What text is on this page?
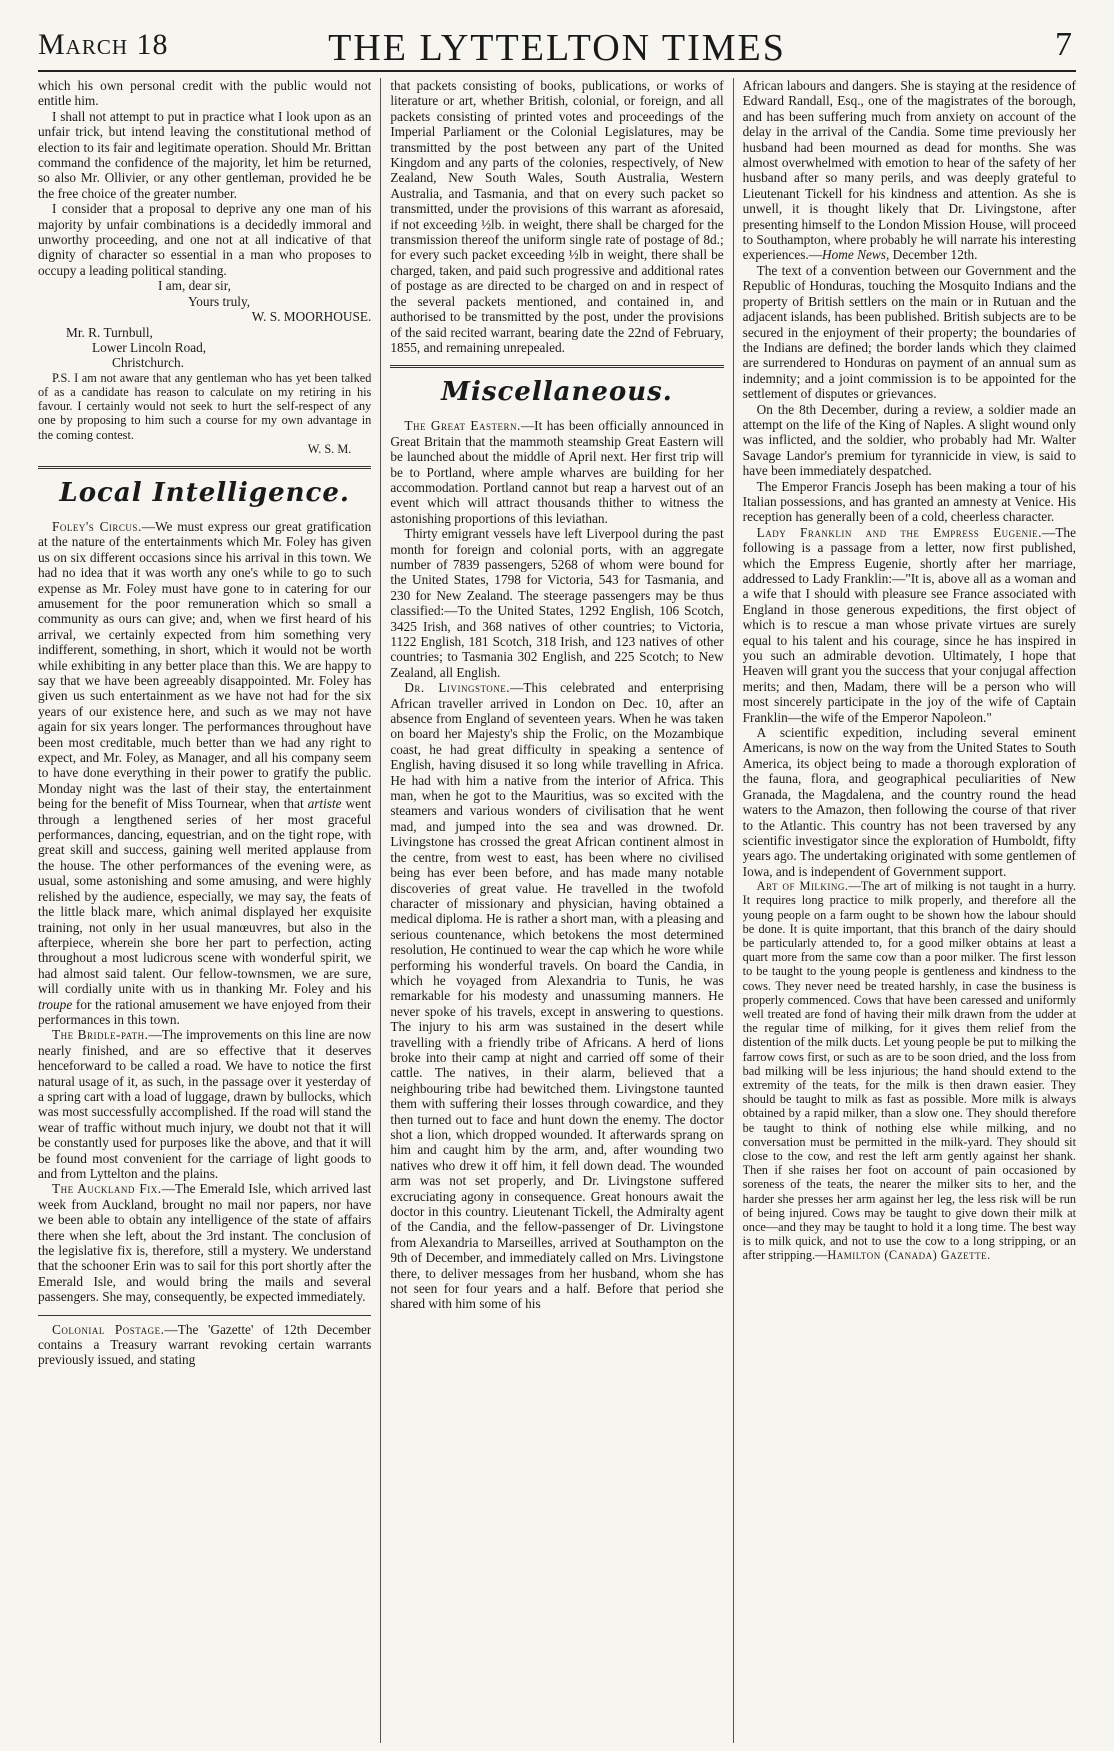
March 18	THE LYTTELTON TIMES	7

which his own personal credit with the public would not entitle him.

I shall not attempt to put in practice what I look upon as an unfair trick, but intend leaving the constitutional method of election to its fair and legitimate operation. Should Mr. Brittan command the confidence of the majority, let him be returned, so also Mr. Ollivier, or any other gentleman, provided he be the free choice of the greater number.

I consider that a proposal to deprive any one man of his majority by unfair combinations is a decidedly immoral and unworthy proceeding, and one not at all indicative of that dignity of character so essential in a man who proposes to occupy a leading political standing.

I am, dear sir,

Yours truly,

W. S. MOORHOUSE.

Mr. R. Turnbull,

Lower Lincoln Road,

Christchurch.

P.S. I am not aware that any gentleman who has yet been talked of as a candidate has reason to calculate on my retiring in his favour. I certainly would not seek to hurt the self-respect of any one by proposing to him such a course for my own advantage in the coming contest.

W. S. M.

Local Intelligence.

Foley's Circus.—We must express our great gratification at the nature of the entertainments which Mr. Foley has given us on six different occasions since his arrival in this town. We had no idea that it was worth any one's while to go to such expense as Mr. Foley must have gone to in catering for our amusement for the poor remuneration which so small a community as ours can give; and, when we first heard of his arrival, we certainly expected from him something very indifferent, something, in short, which it would not be worth while exhibiting in any better place than this. We are happy to say that we have been agreeably disappointed. Mr. Foley has given us such entertainment as we have not had for the six years of our existence here, and such as we may not have again for six years longer. The performances throughout have been most creditable, much better than we had any right to expect, and Mr. Foley, as Manager, and all his company seem to have done everything in their power to gratify the public. Monday night was the last of their stay, the entertainment being for the benefit of Miss Tournear, when that artiste went through a lengthened series of her most graceful performances, dancing, equestrian, and on the tight rope, with great skill and success, gaining well merited applause from the house. The other performances of the evening were, as usual, some astonishing and some amusing, and were highly relished by the audience, especially, we may say, the feats of the little black mare, which animal displayed her exquisite training, not only in her usual manœuvres, but also in the afterpiece, wherein she bore her part to perfection, acting throughout a most ludicrous scene with wonderful spirit, we had almost said talent. Our fellow-townsmen, we are sure, will cordially unite with us in thanking Mr. Foley and his troupe for the rational amusement we have enjoyed from their performances in this town.

The Bridle-path.—The improvements on this line are now nearly finished, and are so effective that it deserves henceforward to be called a road. We have to notice the first natural usage of it, as such, in the passage over it yesterday of a spring cart with a load of luggage, drawn by bullocks, which was most successfully accomplished. If the road will stand the wear of traffic without much injury, we doubt not that it will be constantly used for purposes like the above, and that it will be found most convenient for the carriage of light goods to and from Lyttelton and the plains.

The Auckland Fix.—The Emerald Isle, which arrived last week from Auckland, brought no mail nor papers, nor have we been able to obtain any intelligence of the state of affairs there when she left, about the 3rd instant. The conclusion of the legislative fix is, therefore, still a mystery. We understand that the schooner Erin was to sail for this port shortly after the Emerald Isle, and would bring the mails and several passengers. She may, consequently, be expected immediately.

Colonial Postage.—The 'Gazette' of 12th December contains a Treasury warrant revoking certain warrants previously issued, and stating

that packets consisting of books, publications, or works of literature or art, whether British, colonial, or foreign, and all packets consisting of printed votes and proceedings of the Imperial Parliament or the Colonial Legislatures, may be transmitted by the post between any part of the United Kingdom and any parts of the colonies, respectively, of New Zealand, New South Wales, South Australia, Western Australia, and Tasmania, and that on every such packet so transmitted, under the provisions of this warrant as aforesaid, if not exceeding ½lb. in weight, there shall be charged for the transmission thereof the uniform single rate of postage of 8d.; for every such packet exceeding ½lb in weight, there shall be charged, taken, and paid such progressive and additional rates of postage as are directed to be charged on and in respect of the several packets mentioned, and contained in, and authorised to be transmitted by the post, under the provisions of the said recited warrant, bearing date the 22nd of February, 1855, and remaining unrepealed.

Miscellaneous.

The Great Eastern.—It has been officially announced in Great Britain that the mammoth steamship Great Eastern will be launched about the middle of April next. Her first trip will be to Portland, where ample wharves are building for her accommodation. Portland cannot but reap a harvest out of an event which will attract thousands thither to witness the astonishing proportions of this leviathan.

Thirty emigrant vessels have left Liverpool during the past month for foreign and colonial ports, with an aggregate number of 7839 passengers, 5268 of whom were bound for the United States, 1798 for Victoria, 543 for Tasmania, and 230 for New Zealand. The steerage passengers may be thus classified:—To the United States, 1292 English, 106 Scotch, 3425 Irish, and 368 natives of other countries; to Victoria, 1122 English, 181 Scotch, 318 Irish, and 123 natives of other countries; to Tasmania 302 English, and 225 Scotch; to New Zealand, all English.

Dr. Livingstone.—This celebrated and enterprising African traveller arrived in London on Dec. 10, after an absence from England of seventeen years. When he was taken on board her Majesty's ship the Frolic, on the Mozambique coast, he had great difficulty in speaking a sentence of English, having disused it so long while travelling in Africa. He had with him a native from the interior of Africa. This man, when he got to the Mauritius, was so excited with the steamers and various wonders of civilisation that he went mad, and jumped into the sea and was drowned. Dr. Livingstone has crossed the great African continent almost in the centre, from west to east, has been where no civilised being has ever been before, and has made many notable discoveries of great value. He travelled in the twofold character of missionary and physician, having obtained a medical diploma. He is rather a short man, with a pleasing and serious countenance, which betokens the most determined resolution, He continued to wear the cap which he wore while performing his wonderful travels. On board the Candia, in which he voyaged from Alexandria to Tunis, he was remarkable for his modesty and unassuming manners. He never spoke of his travels, except in answering to questions. The injury to his arm was sustained in the desert while travelling with a friendly tribe of Africans. A herd of lions broke into their camp at night and carried off some of their cattle. The natives, in their alarm, believed that a neighbouring tribe had bewitched them. Livingstone taunted them with suffering their losses through cowardice, and they then turned out to face and hunt down the enemy. The doctor shot a lion, which dropped wounded. It afterwards sprang on him and caught him by the arm, and, after wounding two natives who drew it off him, it fell down dead. The wounded arm was not set properly, and Dr. Livingstone suffered excruciating agony in consequence. Great honours await the doctor in this country. Lieutenant Tickell, the Admiralty agent of the Candia, and the fellow-passenger of Dr. Livingstone from Alexandria to Marseilles, arrived at Southampton on the 9th of December, and immediately called on Mrs. Livingstone there, to deliver messages from her husband, whom she has not seen for four years and a half. Before that period she shared with him some of his

African labours and dangers. She is staying at the residence of Edward Randall, Esq., one of the magistrates of the borough, and has been suffering much from anxiety on account of the delay in the arrival of the Candia. Some time previously her husband had been mourned as dead for months. She was almost overwhelmed with emotion to hear of the safety of her husband after so many perils, and was deeply grateful to Lieutenant Tickell for his kindness and attention. As she is unwell, it is thought likely that Dr. Livingstone, after presenting himself to the London Mission House, will proceed to Southampton, where probably he will narrate his interesting experiences.—Home News, December 12th.

The text of a convention between our Government and the Republic of Honduras, touching the Mosquito Indians and the property of British settlers on the main or in Rutuan and the adjacent islands, has been published. British subjects are to be secured in the enjoyment of their property; the boundaries of the Indians are defined; the border lands which they claimed are surrendered to Honduras on payment of an annual sum as indemnity; and a joint commission is to be appointed for the settlement of disputes or grievances.

On the 8th December, during a review, a soldier made an attempt on the life of the King of Naples. A slight wound only was inflicted, and the soldier, who probably had Mr. Walter Savage Landor's premium for tyrannicide in view, is said to have been immediately despatched.

The Emperor Francis Joseph has been making a tour of his Italian possessions, and has granted an amnesty at Venice. His reception has generally been of a cold, cheerless character.

Lady Franklin and the Empress Eugenie.—The following is a passage from a letter, now first published, which the Empress Eugenie, shortly after her marriage, addressed to Lady Franklin:—"It is, above all as a woman and a wife that I should with pleasure see France associated with England in those generous expeditions, the first object of which is to rescue a man whose private virtues are surely equal to his talent and his courage, since he has inspired in you such an admirable devotion. Ultimately, I hope that Heaven will grant you the success that your conjugal affection merits; and then, Madam, there will be a person who will most sincerely participate in the joy of the wife of Captain Franklin—the wife of the Emperor Napoleon."

A scientific expedition, including several eminent Americans, is now on the way from the United States to South America, its object being to made a thorough exploration of the fauna, flora, and geographical peculiarities of New Granada, the Magdalena, and the country round the head waters to the Amazon, then following the course of that river to the Atlantic. This country has not been traversed by any scientific investigator since the exploration of Humboldt, fifty years ago. The undertaking originated with some gentlemen of Iowa, and is independent of Government support.

Art of Milking.—The art of milking is not taught in a hurry. It requires long practice to milk properly, and therefore all the young people on a farm ought to be shown how the labour should be done. It is quite important, that this branch of the dairy should be particularly attended to, for a good milker obtains at least a quart more from the same cow than a poor milker. The first lesson to be taught to the young people is gentleness and kindness to the cows. They never need be treated harshly, in case the business is properly commenced. Cows that have been caressed and uniformly well treated are fond of having their milk drawn from the udder at the regular time of milking, for it gives them relief from the distention of the milk ducts. Let young people be put to milking the farrow cows first, or such as are to be soon dried, and the loss from bad milking will be less injurious; the hand should extend to the extremity of the teats, for the milk is then drawn easier. They should be taught to milk as fast as possible. More milk is always obtained by a rapid milker, than a slow one. They should therefore be taught to think of nothing else while milking, and no conversation must be permitted in the milk-yard. They should sit close to the cow, and rest the left arm gently against her shank. Then if she raises her foot on account of pain occasioned by soreness of the teats, the nearer the milker sits to her, and the harder she presses her arm against her leg, the less risk will be run of being injured. Cows may be taught to give down their milk at once—and they may be taught to hold it a long time. The best way is to milk quick, and not to use the cow to a long stripping, or an after stripping.—Hamilton (Canada) Gazette.
